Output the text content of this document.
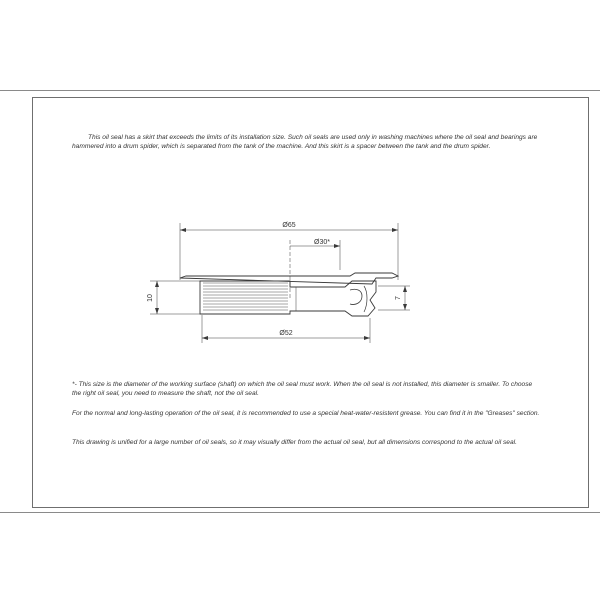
This oil seal has a skirt that exceeds the limits of its installation size. Such oil seals are used only in washing machines where the oil seal and bearings are hammered into a drum spider, which is separated from the tank of the machine. And this skirt is a spacer between the tank and the drum spider.

Ø65
Ø30*
Ø52
10	7

*- This size is the diameter of the working surface (shaft) on which the oil seal must work. When the oil seal is not installed, this diameter is smaller. To choose the right oil seal, you need to measure the shaft, not the oil seal.

For the normal and long-lasting operation of the oil seal, it is recommended to use a special heat-water-resistent grease. You can find it in the "Greases" section.

This drawing is unified for a large number of oil seals, so it may visually differ from the actual oil seal, but all dimensions correspond to the actual oil seal.
